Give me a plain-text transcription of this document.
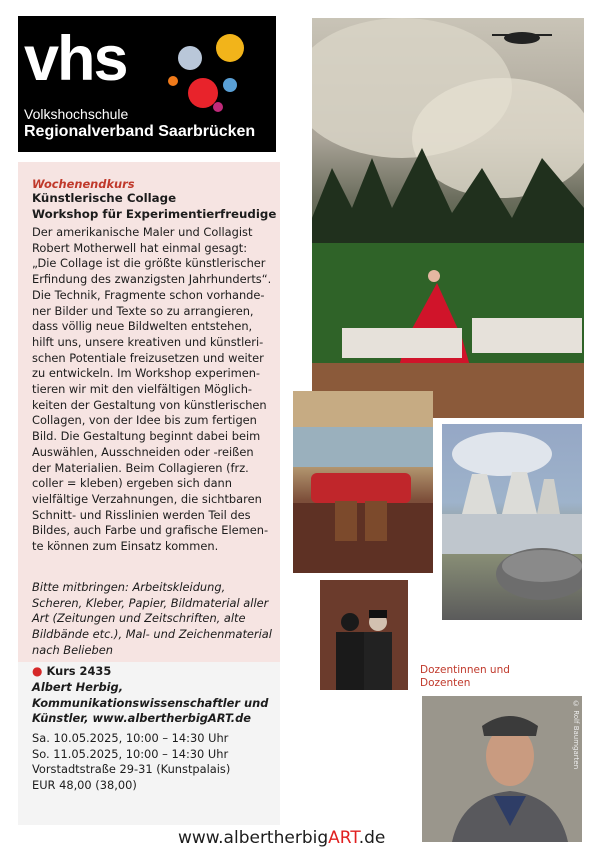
vhs
Volkshochschule
Regionalverband Saarbrücken
Wochenendkurs
Künstlerische Collage
Workshop für Experimentierfreudige
Der amerikanische Maler und Collagist
Robert Motherwell hat einmal gesagt:
„Die Collage ist die größte künstlerischer
Erfindung des zwanzigsten Jahrhunderts“.
Die Technik, Fragmente schon vorhande-
ner Bilder und Texte so zu arrangieren,
dass völlig neue Bildwelten entstehen,
hilft uns, unsere kreativen und künstleri-
schen Potentiale freizusetzen und weiter
zu entwickeln. Im Workshop experimen-
tieren wir mit den vielfältigen Möglich-
keiten der Gestaltung von künstlerischen
Collagen, von der Idee bis zum fertigen
Bild. Die Gestaltung beginnt dabei beim
Auswählen, Ausschneiden oder -reißen
der Materialien. Beim Collagieren (frz.
coller = kleben) ergeben sich dann
vielfältige Verzahnungen, die sichtbaren
Schnitt- und Risslinien werden Teil des
Bildes, auch Farbe und grafische Elemen-
te können zum Einsatz kommen.
Bitte mitbringen: Arbeitskleidung,
Scheren, Kleber, Papier, Bildmaterial aller
Art (Zeitungen und Zeitschriften, alte
Bildbände etc.), Mal- und Zeichenmaterial
nach Belieben
● Kurs 2435
Albert Herbig,
Kommunikationswissenschaftler und
Künstler, www.albertherbigART.de
Sa. 10.05.2025, 10:00 – 14:30 Uhr
So. 11.05.2025, 10:00 – 14:30 Uhr
Vorstadtstraße 29-31 (Kunstpalais)
EUR 48,00 (38,00)
© Rolf Baumgarten
Dozentinnen und
Dozenten
www.albertherbigART.de
